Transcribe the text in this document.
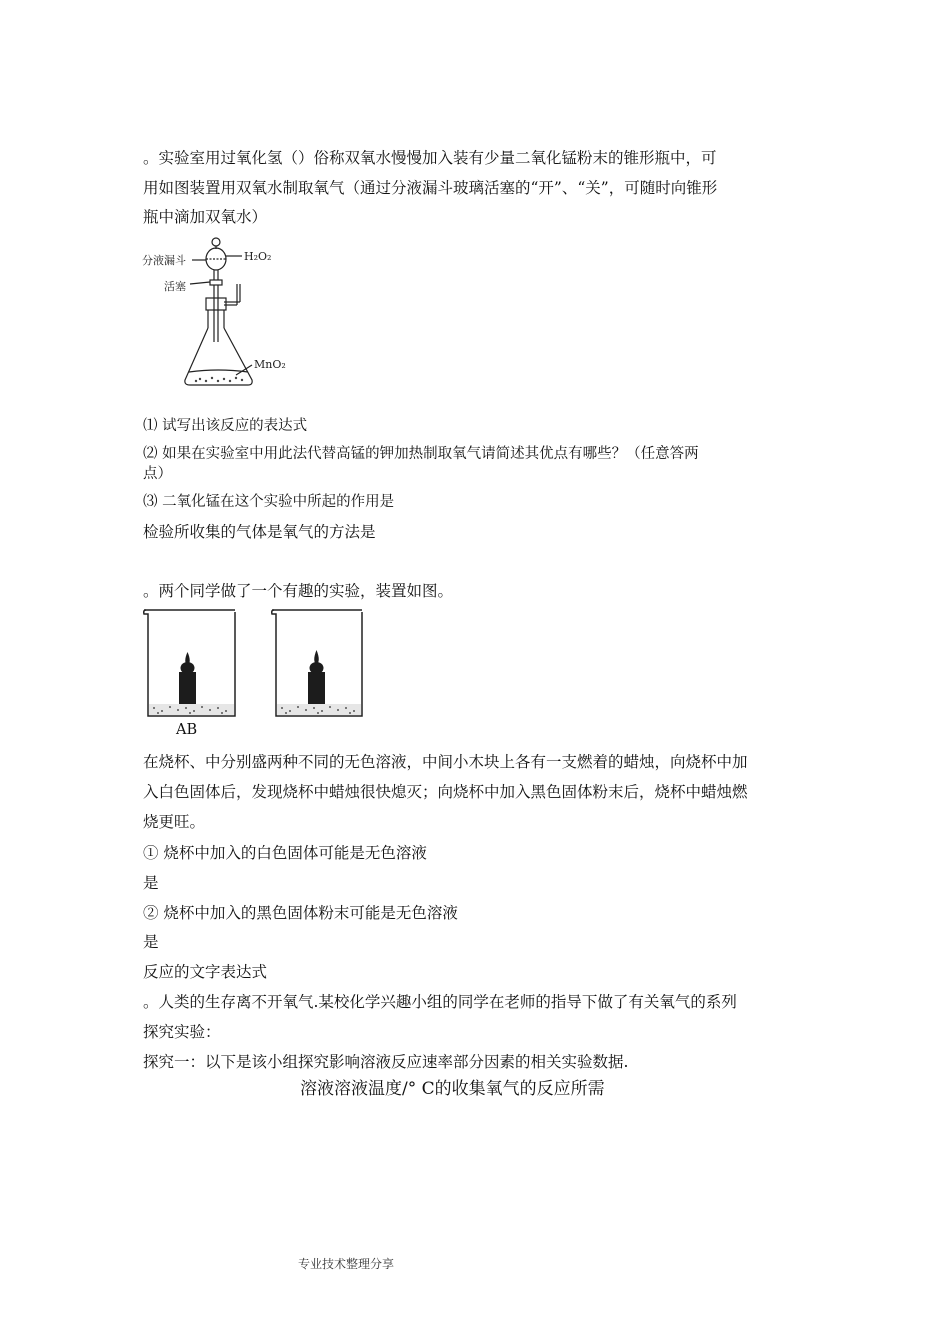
。实验室用过氧化氢（）俗称双氧水慢慢加入装有少量二氧化锰粉末的锥形瓶中，可
用如图装置用双氧水制取氧气（通过分液漏斗玻璃活塞的“开”、“关”，可随时向锥形
瓶中滴加双氧水）
分液漏斗	H₂O₂
活塞
MnO₂
⑴ 试写出该反应的表达式
⑵ 如果在实验室中用此法代替高锰的钾加热制取氧气请简述其优点有哪些？（任意答两
点）
⑶ 二氧化锰在这个实验中所起的作用是
检验所收集的气体是氧气的方法是
。两个同学做了一个有趣的实验，装置如图。
AB
在烧杯、中分别盛两种不同的无色溶液，中间小木块上各有一支燃着的蜡烛，向烧杯中加
入白色固体后，发现烧杯中蜡烛很快熄灭；向烧杯中加入黑色固体粉末后，烧杯中蜡烛燃
烧更旺。
① 烧杯中加入的白色固体可能是无色溶液
是
② 烧杯中加入的黑色固体粉末可能是无色溶液
是
反应的文字表达式
。人类的生存离不开氧气.某校化学兴趣小组的同学在老师的指导下做了有关氧气的系列
探究实验：
探究一：以下是该小组探究影响溶液反应速率部分因素的相关实验数据.
溶液溶液温度/° C的收集氧气的反应所需
专业技术整理分享
